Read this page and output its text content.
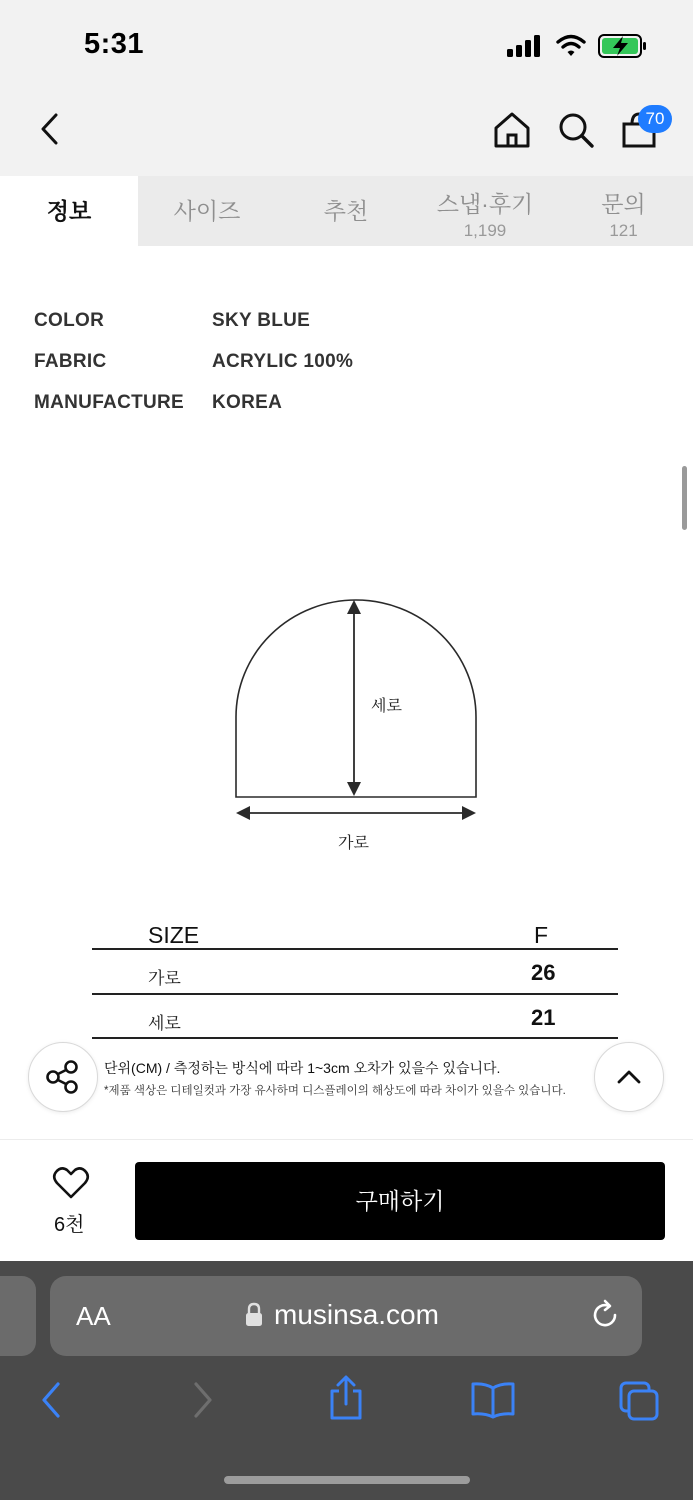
5:31
70
정보	사이즈	추천	스냅·후기
1,199
문의
121
COLOR	SKY BLUE
FABRIC	ACRYLIC 100%
MANUFACTURE KOREA
세로
가로
SIZE	F
가로	26
세로	21
단위(CM) / 측정하는 방식에 따라 1~3cm 오차가 있을수 있습니다.
*제품 색상은 디테일컷과 가장 유사하며 디스플레이의 해상도에 따라 차이가 있을수 있습니다.
6천
구매하기
AA	musinsa.com
